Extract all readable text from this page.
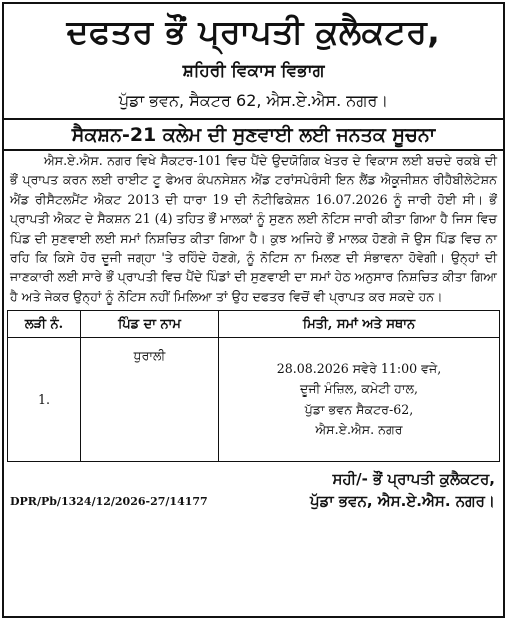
ਦਫਤਰ ਭੌਂ ਪ੍ਰਾਪਤੀ ਕੁਲੈਕਟਰ,
ਸ਼ਹਿਰੀ ਵਿਕਾਸ ਵਿਭਾਗ
ਪੁੱਡਾ ਭਵਨ, ਸੈਕਟਰ 62, ਐਸ.ਏ.ਐਸ. ਨਗਰ।
ਸੈਕਸ਼ਨ-21 ਕਲੇਮ ਦੀ ਸੁਣਵਾਈ ਲਈ ਜਨਤਕ ਸੂਚਨਾ
ਐਸ.ਏ.ਐਸ. ਨਗਰ ਵਿਖੇ ਸੈਕਟਰ-101 ਵਿਚ ਪੈਂਦੇ ਉਦਯੋਗਿਕ ਖੇਤਰ ਦੇ ਵਿਕਾਸ ਲਈ ਬਚਦੇ ਰਕਬੇ ਦੀ ਭੌਂ ਪ੍ਰਾਪਤ ਕਰਨ ਲਈ ਰਾਈਟ ਟੂ ਫੇਅਰ ਕੰਪਨਸੇਸ਼ਨ ਐਂਡ ਟਰਾਂਸਪੇਰੰਸੀ ਇਨ ਲੈਂਡ ਐਕੂਜੀਸ਼ਨ ਰੀਹੈਬੀਲੇਟੇਸ਼ਨ ਐਂਡ ਰੀਸੈਟਲਮੈਂਟ ਐਕਟ 2013 ਦੀ ਧਾਰਾ 19 ਦੀ ਨੋਟੀਫਿਕੇਸ਼ਨ 16.07.2026 ਨੂੰ ਜਾਰੀ ਹੋਈ ਸੀ। ਭੌਂ ਪ੍ਰਾਪਤੀ ਐਕਟ ਦੇ ਸੈਕਸ਼ਨ 21 (4) ਤਹਿਤ ਭੌਂ ਮਾਲਕਾਂ ਨੂੰ ਸੁਣਨ ਲਈ ਨੋਟਿਸ ਜਾਰੀ ਕੀਤਾ ਗਿਆ ਹੈ ਜਿਸ ਵਿਚ ਪਿੰਡ ਦੀ ਸੁਣਵਾਈ ਲਈ ਸਮਾਂ ਨਿਸ਼ਚਿਤ ਕੀਤਾ ਗਿਆ ਹੈ। ਕੁਝ ਅਜਿਹੇ ਭੌਂ ਮਾਲਕ ਹੋਣਗੇ ਜੋ ਉਸ ਪਿੰਡ ਵਿਚ ਨਾ ਰਹਿ ਕਿ ਕਿਸੇ ਹੋਰ ਦੂਜੀ ਜਗ੍ਹਾ 'ਤੇ ਰਹਿੰਦੇ ਹੋਣਗੇ, ਨੂੰ ਨੋਟਿਸ ਨਾ ਮਿਲਣ ਦੀ ਸੰਭਾਵਨਾ ਹੋਵੇਗੀ। ਉਨ੍ਹਾਂ ਦੀ ਜਾਣਕਾਰੀ ਲਈ ਸਾਰੇ ਭੌਂ ਪ੍ਰਾਪਤੀ ਵਿਚ ਪੈਂਦੇ ਪਿੰਡਾਂ ਦੀ ਸੁਣਵਾਈ ਦਾ ਸਮਾਂ ਹੇਠ ਅਨੁਸਾਰ ਨਿਸ਼ਚਿਤ ਕੀਤਾ ਗਿਆ ਹੈ ਅਤੇ ਜੇਕਰ ਉਨ੍ਹਾਂ ਨੂੰ ਨੋਟਿਸ ਨਹੀਂ ਮਿਲਿਆ ਤਾਂ ਉਹ ਦਫਤਰ ਵਿਚੋਂ ਵੀ ਪ੍ਰਾਪਤ ਕਰ ਸਕਦੇ ਹਨ।
ਲੜੀ ਨੰ.	ਪਿੰਡ ਦਾ ਨਾਮ	ਮਿਤੀ, ਸਮਾਂ ਅਤੇ ਸਥਾਨ
1.	ਧੁਰਾਲੀ	28.08.2026 ਸਵੇਰੇ 11:00 ਵਜੇ,
ਦੂਜੀ ਮੰਜ਼ਿਲ, ਕਮੇਟੀ ਹਾਲ,
ਪੁੱਡਾ ਭਵਨ ਸੈਕਟਰ-62,
ਐਸ.ਏ.ਐਸ. ਨਗਰ
ਸਹੀ/- ਭੌਂ ਪ੍ਰਾਪਤੀ ਕੁਲੈਕਟਰ,
ਪੁੱਡਾ ਭਵਨ, ਐਸ.ਏ.ਐਸ. ਨਗਰ।
DPR/Pb/1324/12/2026-27/14177
